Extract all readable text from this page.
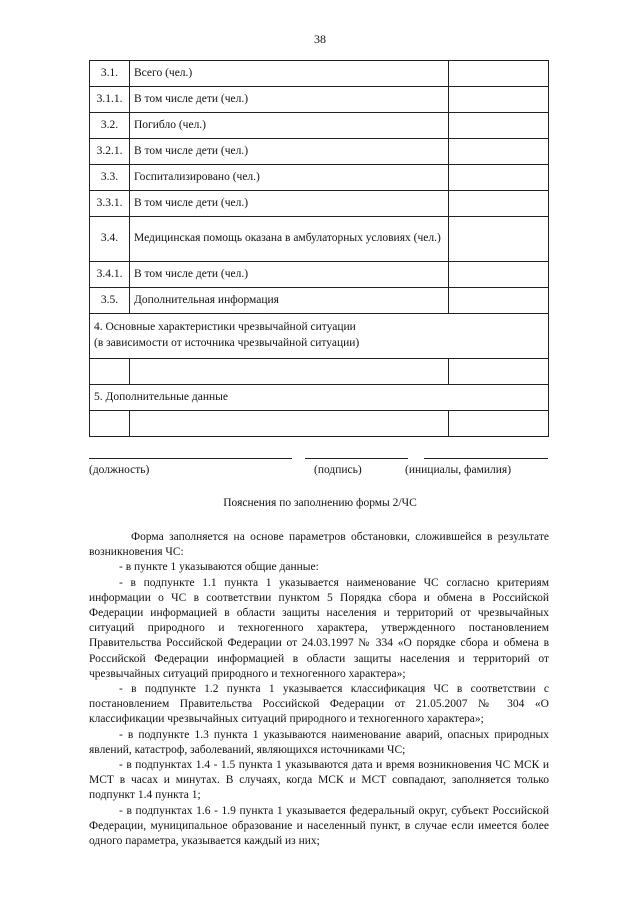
38
3.1.	Всего (чел.)	
3.1.1.	В том числе дети (чел.)	
3.2.	Погибло (чел.)	
3.2.1.	В том числе дети (чел.)	
3.3.	Госпитализировано (чел.)	
3.3.1.	В том числе дети (чел.)	
3.4.	Медицинская помощь оказана в амбулаторных условиях (чел.)	
3.4.1.	В том числе дети (чел.)	
3.5.	Дополнительная информация	
4. Основные характеристики чрезвычайной ситуации
(в зависимости от источника чрезвычайной ситуации)		

5. Дополнительные данные		

(должность)	(подпись)	(инициалы, фамилия)
Пояснения по заполнению формы 2/ЧС

Форма заполняется на основе параметров обстановки, сложившейся в результате возникновения ЧС:

- в пункте 1 указываются общие данные:

- в подпункте 1.1 пункта 1 указывается наименование ЧС согласно критериям информации о ЧС в соответствии пунктом 5 Порядка сбора и обмена в Российской Федерации информацией в области защиты населения и территорий от чрезвычайных ситуаций природного и техногенного характера, утвержденного постановлением Правительства Российской Федерации от 24.03.1997 № 334 «О порядке сбора и обмена в Российской Федерации информацией в области защиты населения и территорий от чрезвычайных ситуаций природного и техногенного характера»;

- в подпункте 1.2 пункта 1 указывается классификация ЧС в соответствии с постановлением Правительства Российской Федерации от 21.05.2007 № 304 «О классификации чрезвычайных ситуаций природного и техногенного характера»;

- в подпункте 1.3 пункта 1 указываются наименование аварий, опасных природных явлений, катастроф, заболеваний, являющихся источниками ЧС;

- в подпунктах 1.4 - 1.5 пункта 1 указываются дата и время возникновения ЧС МСК и МСТ в часах и минутах. В случаях, когда МСК и МСТ совпадают, заполняется только подпункт 1.4 пункта 1;

- в подпунктах 1.6 - 1.9 пункта 1 указывается федеральный округ, субъект Российской Федерации, муниципальное образование и населенный пункт, в случае если имеется более одного параметра, указывается каждый из них;
